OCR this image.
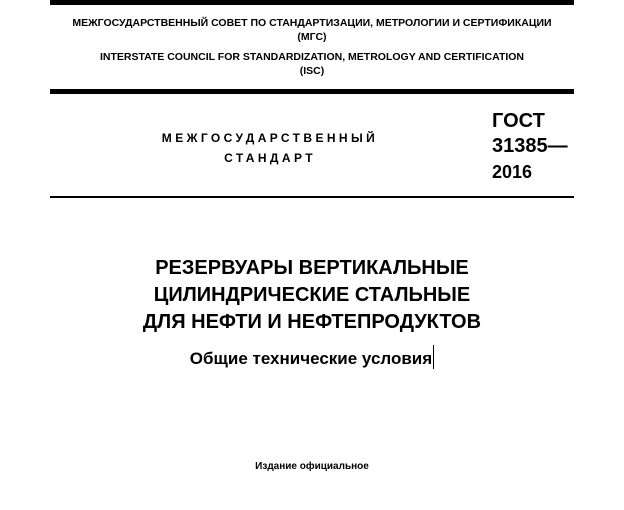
МЕЖГОСУДАРСТВЕННЫЙ СОВЕТ ПО СТАНДАРТИЗАЦИИ, МЕТРОЛОГИИ И СЕРТИФИКАЦИИ
(МГС)
INTERSTATE COUNCIL FOR STANDARDIZATION, METROLOGY AND CERTIFICATION
(ISC)
МЕЖГОСУДАРСТВЕННЫЙ
СТАНДАРТ
ГОСТ
31385—
2016
РЕЗЕРВУАРЫ ВЕРТИКАЛЬНЫЕ
ЦИЛИНДРИЧЕСКИЕ СТАЛЬНЫЕ
ДЛЯ НЕФТИ И НЕФТЕПРОДУКТОВ
Общие технические условия
Издание официальное
